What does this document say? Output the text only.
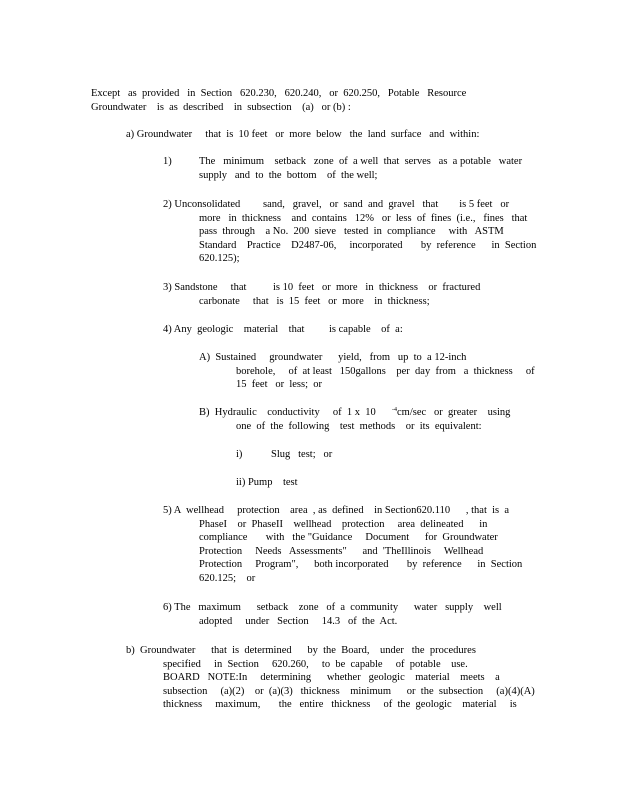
Except   as  provided   in  Section   620.230,   620.240,   or  620.250,   Potable   Resource
Groundwater    is  as  described    in  subsection    (a)   or (b) :
a) Groundwater     that  is  10 feet   or  more  below   the  land  surface   and  within:
1)	The   minimum    setback   zone  of  a well  that  serves   as  a potable   water
supply   and  to  the  bottom    of  the well;
2) Unconsolidated sand,   gravel,   or  sand  and  gravel   that        is 5 feet   or
more   in  thickness    and  contains   12%   or  less  of  fines  (i.e.,   fines   that
pass  through    a No.  200  sieve   tested  in  compliance     with   ASTM
Standard    Practice    D2487-06,     incorporated       by  reference      in  Section
620.125);
3) Sandstone     that	is 10  feet   or  more   in  thickness    or  fractured
carbonate     that   is  15  feet   or  more    in  thickness;
4) Any  geologic    material    that is capable    of  a:
A)  Sustained     groundwater      yield,   from   up  to  a 12-inch
borehole,     of  at least   150gallons    per  day  from   a  thickness     of
15  feet   or  less;  or
B)  Hydraulic    conductivity     of  1 x  10	$^{-4}$cm/sec   or  greater    using
one  of  the  following    test  methods    or  its  equivalent:
i)	Slug   test;   or
ii) Pump    test
5) A  wellhead     protection    area  , as  defined    in Section620.110      , that  is  a
PhaseI    or  PhaseII    wellhead    protection     area  delineated      in
compliance       with   the "Guidance     Document      for  Groundwater
Protection     Needs   Assessments"      and  'TheIllinois     Wellhead
Protection     Program",      both incorporated       by  reference      in  Section
620.125;    or
6) The   maximum      setback    zone   of  a  community      water   supply    well
adopted     under   Section     14.3   of  the  Act.
b)  Groundwater      that  is  determined      by  the  Board,    under   the  procedures
specified     in  Section     620.260,     to  be  capable     of  potable    use.
BOARD   NOTE:In     determining      whether   geologic    material    meets    a
subsection     (a)(2)    or  (a)(3)   thickness    minimum      or  the  subsection     (a)(4)(A)
thickness     maximum,       the   entire   thickness     of  the  geologic    material     is
